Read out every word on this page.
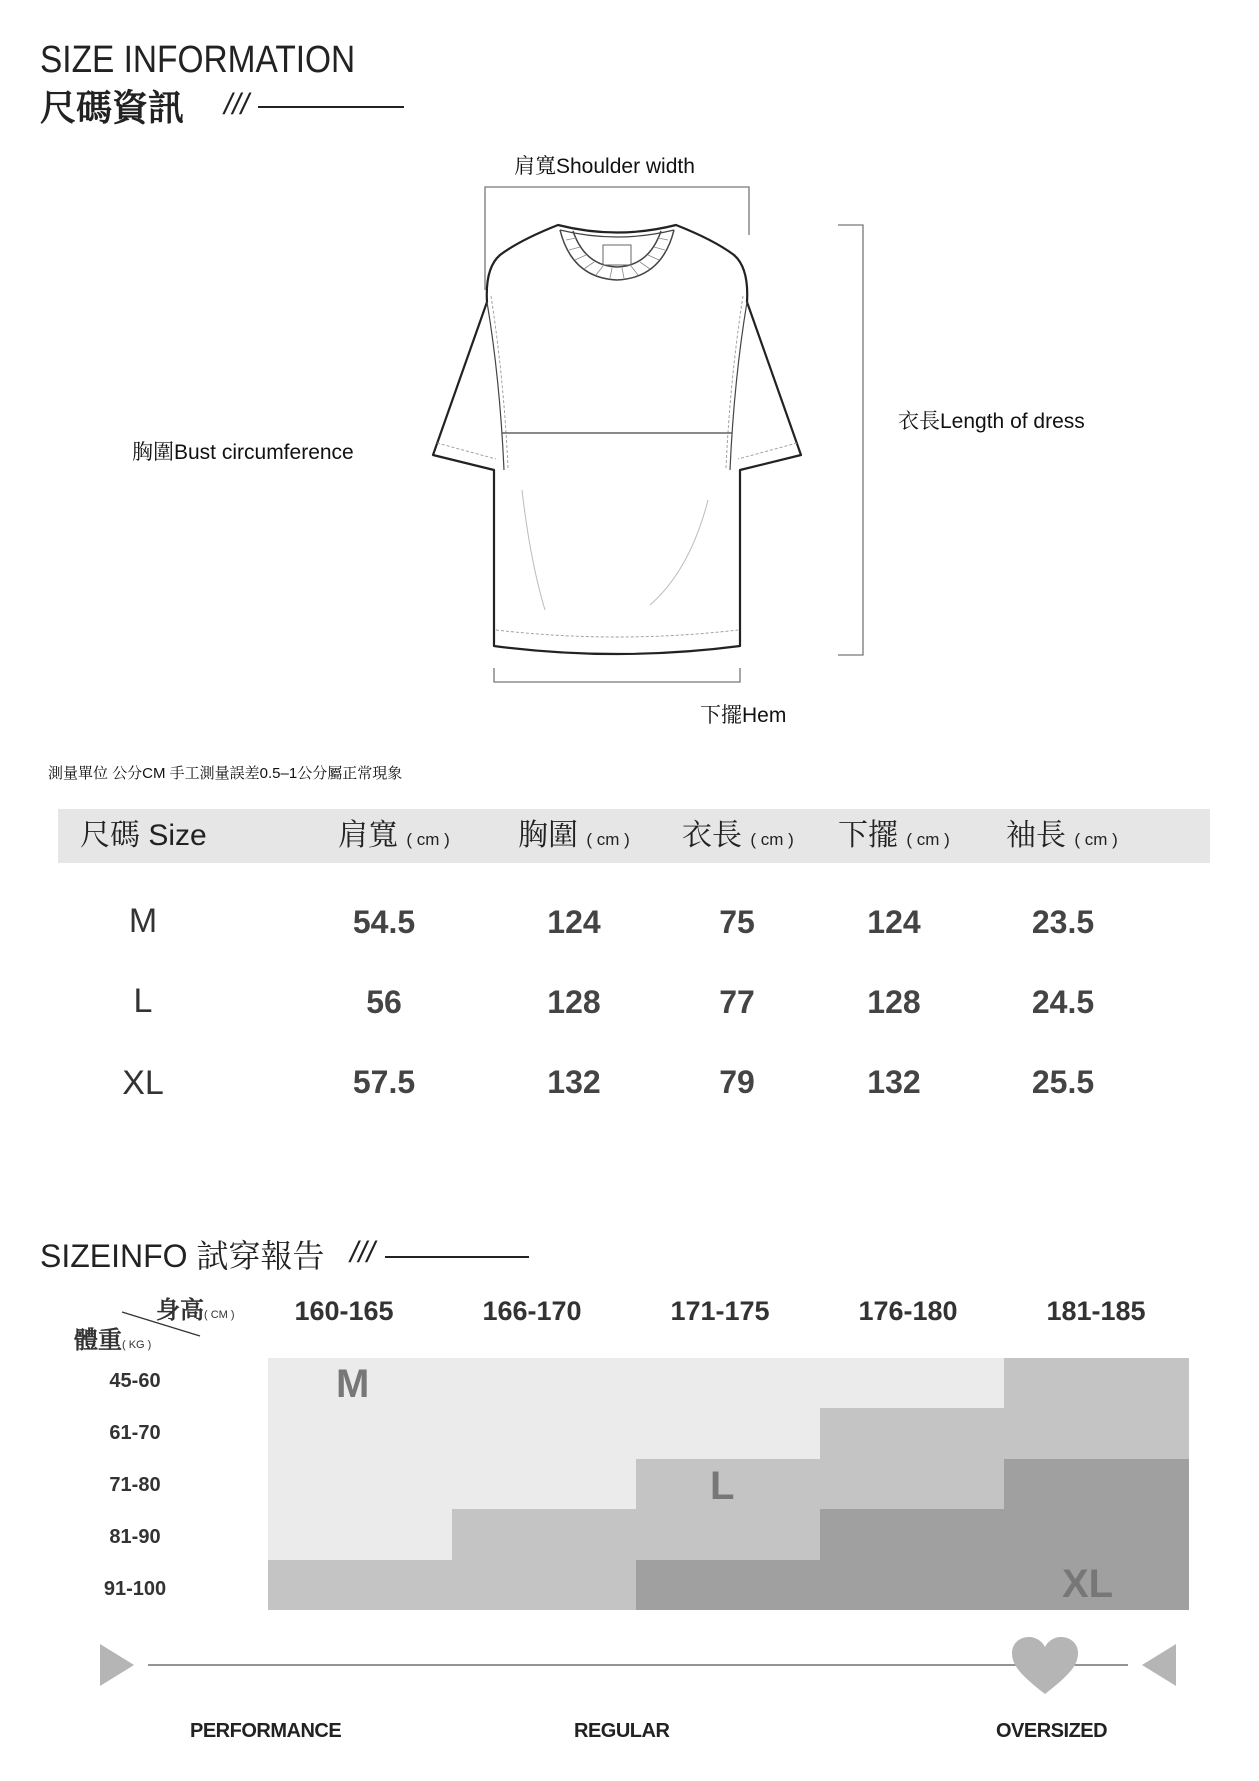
SIZE INFORMATION
尺碼資訊 ///
肩寬Shoulder width
衣長Length of dress
胸圍Bust circumference
下擺Hem
測量單位 公分CM 手工測量誤差0.5–1公分屬正常現象
尺碼 Size	肩寬 ( cm ) 胸圍 ( cm ) 衣長 ( cm ) 下擺 ( cm ) 袖長 ( cm )
M	54.5	124	75	124	23.5
L	56	128	77	128	24.5
XL	57.5	132	79	132	25.5
SIZEINFO 試穿報告 ///
身高( CM )
體重( KG )
160-165	166-170	171-175	176-180	181-185
45-60
61-70
71-80
81-90
91-100
M
L
XL
PERFORMANCE	REGULAR	OVERSIZED
